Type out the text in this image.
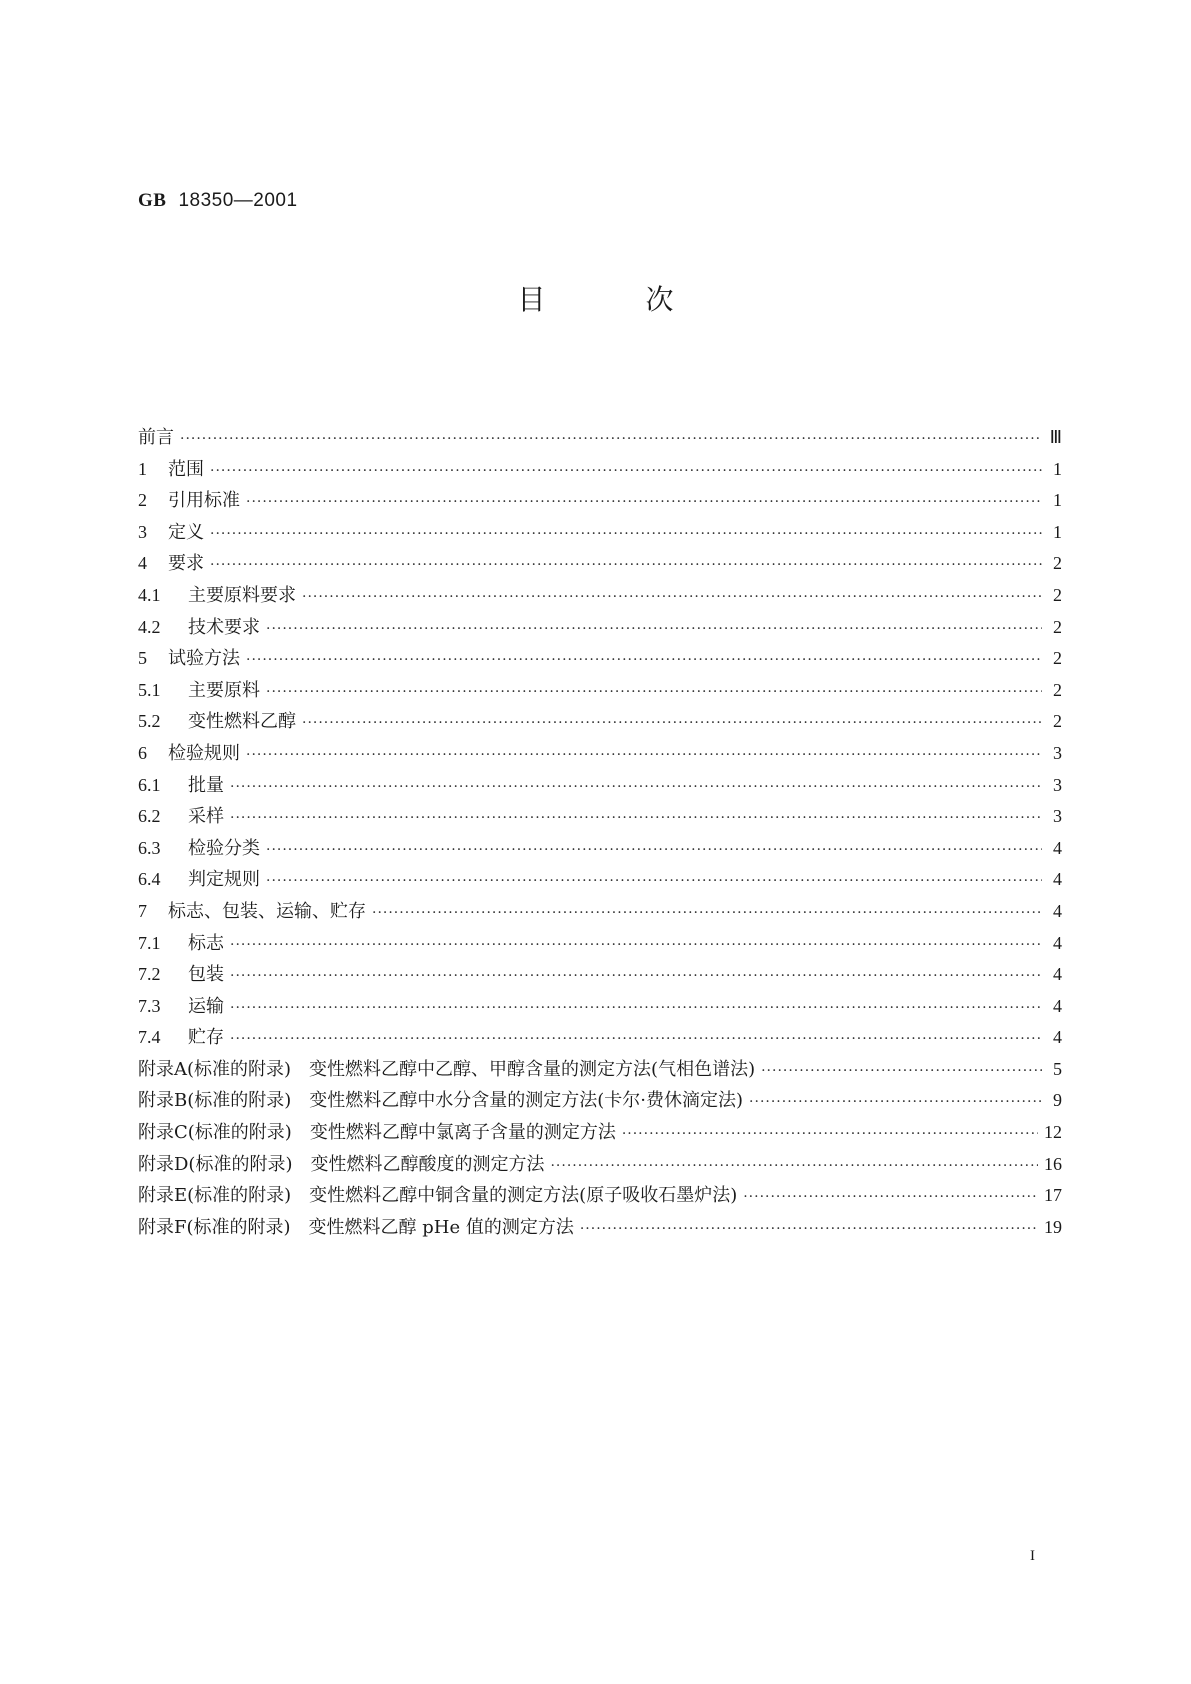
GB 18350—2001
目次
前言 ·····	Ⅲ
1 范围 ·····	1
2 引用标准 ·····	1
3 定义 ·····	1
4 要求 ·····	2
4.1 主要原料要求 ·····	2
4.2 技术要求 ·····	2
5 试验方法 ·····	2
5.1 主要原料 ·····	2
5.2 变性燃料乙醇 ·····	2
6 检验规则 ·····	3
6.1 批量 ·····	3
6.2 采样 ·····	3
6.3 检验分类 ·····	4
6.4 判定规则 ·····	4
7 标志、包装、运输、贮存 ·····	4
7.1 标志 ·····	4
7.2 包装 ·····	4
7.3 运输 ·····	4
7.4 贮存 ·····	4
附录A(标准的附录)　变性燃料乙醇中乙醇、甲醇含量的测定方法(气相色谱法) ·····	5
附录B(标准的附录)　变性燃料乙醇中水分含量的测定方法(卡尔·费休滴定法) ·····	9
附录C(标准的附录)　变性燃料乙醇中氯离子含量的测定方法 ·····	12
附录D(标准的附录)　变性燃料乙醇酸度的测定方法 ·····	16
附录E(标准的附录)　变性燃料乙醇中铜含量的测定方法(原子吸收石墨炉法) ·····	17
附录F(标准的附录)　变性燃料乙醇 pHe 值的测定方法 ·····	19
I
